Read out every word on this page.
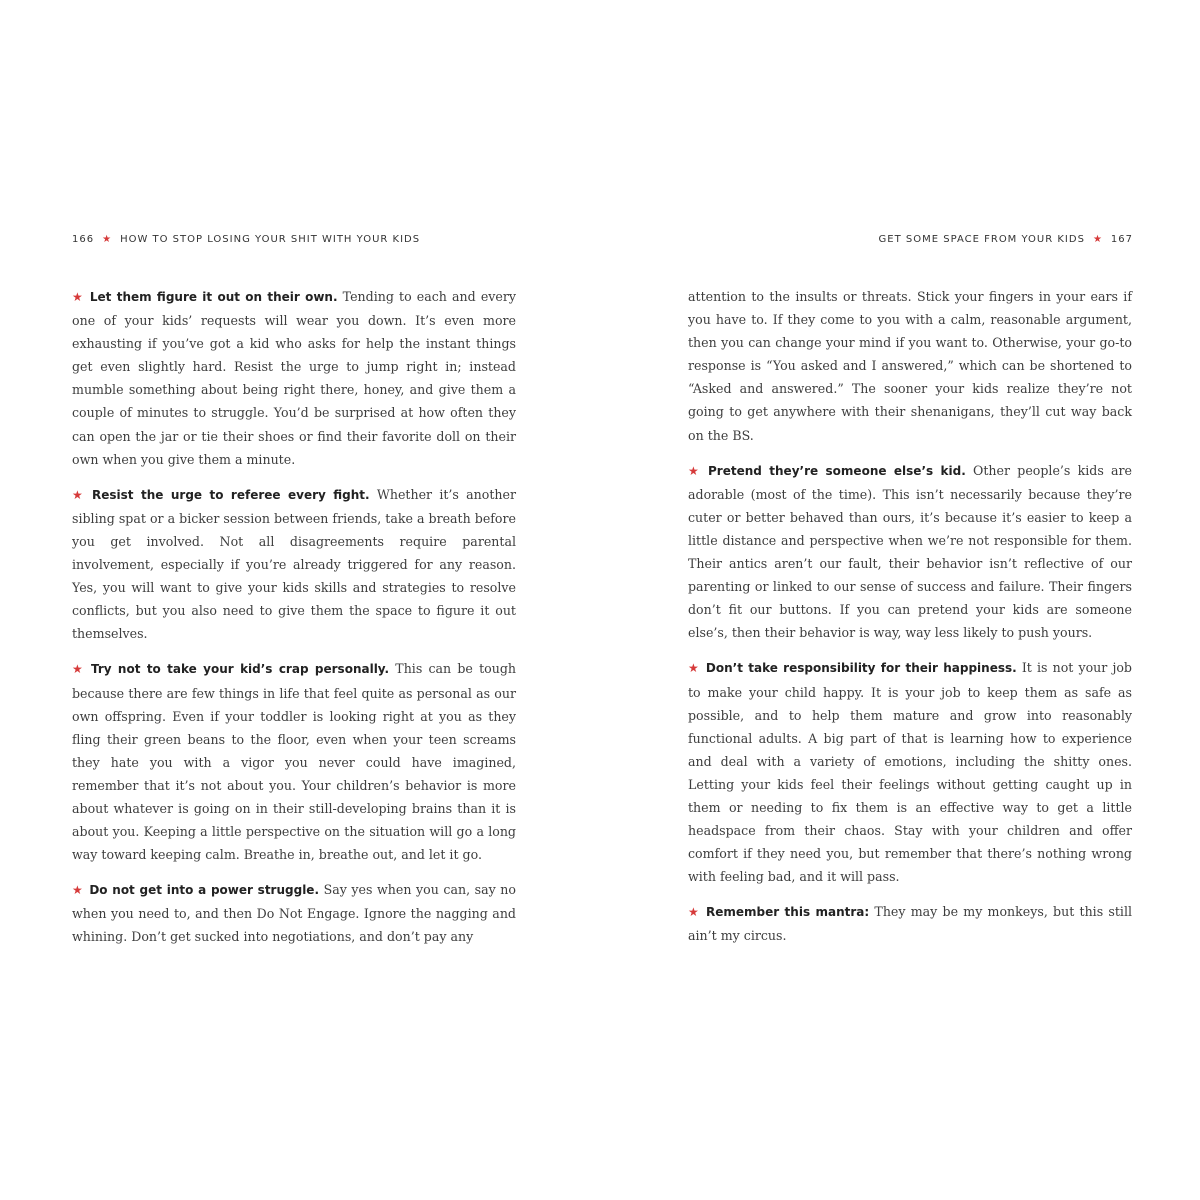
166 ★ HOW TO STOP LOSING YOUR SHIT WITH YOUR KIDS

★ Let them figure it out on their own. Tending to each and every one of your kids’ requests will wear you down. It’s even more exhausting if you’ve got a kid who asks for help the instant things get even slightly hard. Resist the urge to jump right in; instead mumble something about being right there, honey, and give them a couple of minutes to struggle. You’d be surprised at how often they can open the jar or tie their shoes or find their favorite doll on their own when you give them a minute.

★ Resist the urge to referee every fight. Whether it’s another sibling spat or a bicker session between friends, take a breath before you get involved. Not all disagreements require parental involvement, especially if you’re already triggered for any reason. Yes, you will want to give your kids skills and strategies to resolve conflicts, but you also need to give them the space to figure it out themselves.

★ Try not to take your kid’s crap personally. This can be tough because there are few things in life that feel quite as personal as our own offspring. Even if your toddler is looking right at you as they fling their green beans to the floor, even when your teen screams they hate you with a vigor you never could have imagined, remember that it’s not about you. Your children’s behavior is more about whatever is going on in their still-developing brains than it is about you. Keeping a little perspective on the situation will go a long way toward keeping calm. Breathe in, breathe out, and let it go.

★ Do not get into a power struggle. Say yes when you can, say no when you need to, and then Do Not Engage. Ignore the nagging and whining. Don’t get sucked into negotiations, and don’t pay any

GET SOME SPACE FROM YOUR KIDS ★ 167

attention to the insults or threats. Stick your fingers in your ears if you have to. If they come to you with a calm, reasonable argument, then you can change your mind if you want to. Otherwise, your go-to response is “You asked and I answered,” which can be shortened to “Asked and answered.” The sooner your kids realize they’re not going to get anywhere with their shenanigans, they’ll cut way back on the BS.

★ Pretend they’re someone else’s kid. Other people’s kids are adorable (most of the time). This isn’t necessarily because they’re cuter or better behaved than ours, it’s because it’s easier to keep a little distance and perspective when we’re not responsible for them. Their antics aren’t our fault, their behavior isn’t reflective of our parenting or linked to our sense of success and failure. Their fingers don’t fit our buttons. If you can pretend your kids are someone else’s, then their behavior is way, way less likely to push yours.

★ Don’t take responsibility for their happiness. It is not your job to make your child happy. It is your job to keep them as safe as possible, and to help them mature and grow into reasonably functional adults. A big part of that is learning how to experience and deal with a variety of emotions, including the shitty ones. Letting your kids feel their feelings without getting caught up in them or needing to fix them is an effective way to get a little headspace from their chaos. Stay with your children and offer comfort if they need you, but remember that there’s nothing wrong with feeling bad, and it will pass.

★ Remember this mantra: They may be my monkeys, but this still ain’t my circus.
